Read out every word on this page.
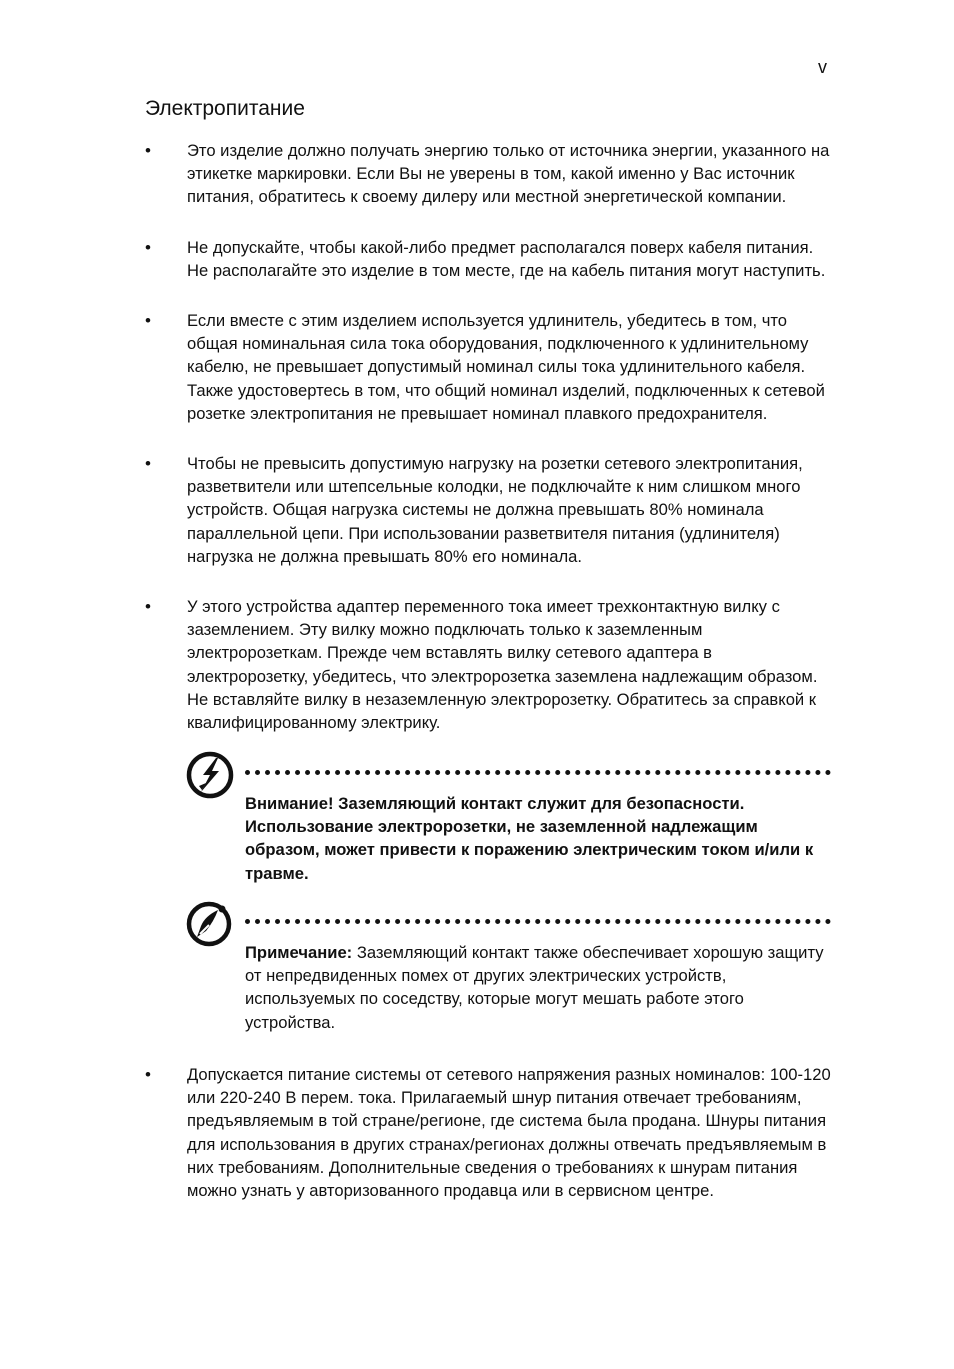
v
Электропитание
•	Это изделие должно получать энергию только от источника энергии, указанного на этикетке маркировки. Если Вы не уверены в том, какой именно у Вас источник питания, обратитесь к своему дилеру или местной энергетической компании.
•	Не допускайте, чтобы какой-либо предмет располагался поверх кабеля питания. Не располагайте это изделие в том месте, где на кабель питания могут наступить.
•	Если вместе с этим изделием используется удлинитель, убедитесь в том, что общая номинальная сила тока оборудования, подключенного к удлинительному кабелю, не превышает допустимый номинал силы тока удлинительного кабеля. Также удостовертесь в том, что общий номинал изделий, подключенных к сетевой розетке электропитания не превышает номинал плавкого предохранителя.
•	Чтобы не превысить допустимую нагрузку на розетки сетевого электропитания, разветвители или штепсельные колодки, не подключайте к ним слишком много устройств. Общая нагрузка системы не должна превышать 80% номинала параллельной цепи. При использовании разветвителя питания (удлинителя) нагрузка не должна превышать 80% его номинала.
•	У этого устройства адаптер переменного тока имеет трехконтактную вилку с заземлением. Эту вилку можно подключать только к заземленным электророзеткам. Прежде чем вставлять вилку сетевого адаптера в электророзетку, убедитесь, что электророзетка заземлена надлежащим образом. Не вставляйте вилку в незаземленную электророзетку. Обратитесь за справкой к квалифицированному электрику.
Внимание! Заземляющий контакт служит для безопасности. Использование электророзетки, не заземленной надлежащим образом, может привести к поражению электрическим током и/или к травме.
Примечание: Заземляющий контакт также обеспечивает хорошую защиту от непредвиденных помех от других электрических устройств, используемых по соседству, которые могут мешать работе этого устройства.
•	Допускается питание системы от сетевого напряжения разных номиналов: 100-120 или 220-240 В перем. тока. Прилагаемый шнур питания отвечает требованиям, предъявляемым в той стране/регионе, где система была продана. Шнуры питания для использования в других странах/регионах должны отвечать предъявляемым в них требованиям. Дополнительные сведения о требованиях к шнурам питания можно узнать у авторизованного продавца или в сервисном центре.
